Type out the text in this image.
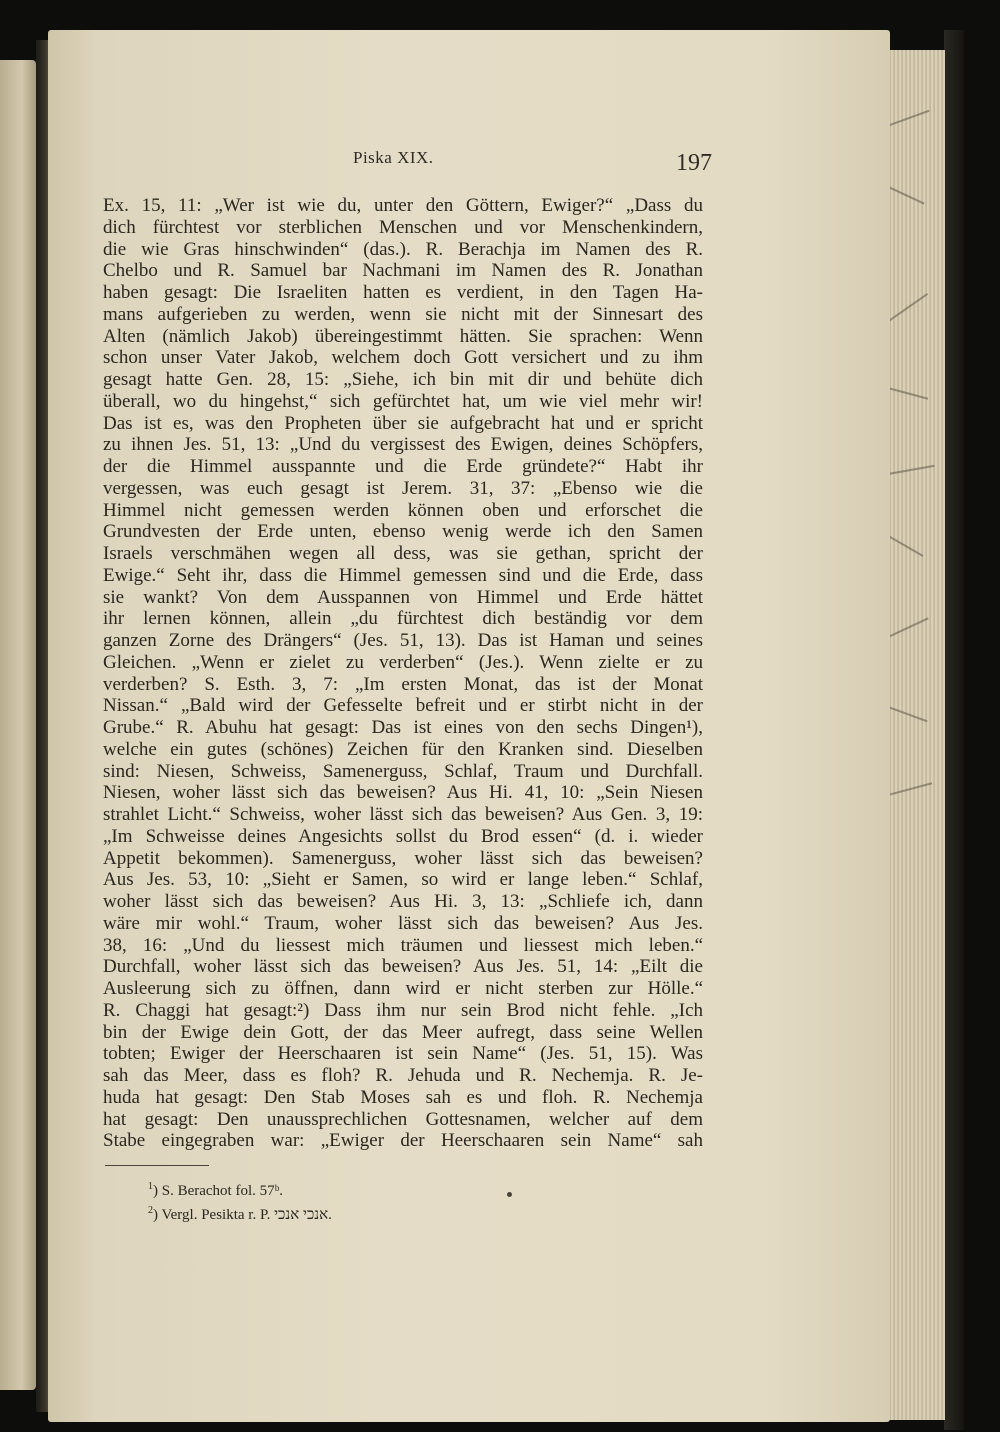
Piska XIX.	197
Ex. 15, 11: „Wer ist wie du, unter den Göttern, Ewiger?“ „Dass du
dich fürchtest vor sterblichen Menschen und vor Menschenkindern,
die wie Gras hinschwinden“ (das.). R. Berachja im Namen des R.
Chelbo und R. Samuel bar Nachmani im Namen des R. Jonathan
haben gesagt: Die Israeliten hatten es verdient, in den Tagen Ha-
mans aufgerieben zu werden, wenn sie nicht mit der Sinnesart des
Alten (nämlich Jakob) übereingestimmt hätten. Sie sprachen: Wenn
schon unser Vater Jakob, welchem doch Gott versichert und zu ihm
gesagt hatte Gen. 28, 15: „Siehe, ich bin mit dir und behüte dich
überall, wo du hingehst,“ sich gefürchtet hat, um wie viel mehr wir!
Das ist es, was den Propheten über sie aufgebracht hat und er spricht
zu ihnen Jes. 51, 13: „Und du vergissest des Ewigen, deines Schöpfers,
der die Himmel ausspannte und die Erde gründete?“ Habt ihr
vergessen, was euch gesagt ist Jerem. 31, 37: „Ebenso wie die
Himmel nicht gemessen werden können oben und erforschet die
Grundvesten der Erde unten, ebenso wenig werde ich den Samen
Israels verschmähen wegen all dess, was sie gethan, spricht der
Ewige.“ Seht ihr, dass die Himmel gemessen sind und die Erde, dass
sie wankt? Von dem Ausspannen von Himmel und Erde hättet
ihr lernen können, allein „du fürchtest dich beständig vor dem
ganzen Zorne des Drängers“ (Jes. 51, 13). Das ist Haman und seines
Gleichen. „Wenn er zielet zu verderben“ (Jes.). Wenn zielte er zu
verderben? S. Esth. 3, 7: „Im ersten Monat, das ist der Monat
Nissan.“ „Bald wird der Gefesselte befreit und er stirbt nicht in der
Grube.“ R. Abuhu hat gesagt: Das ist eines von den sechs Dingen¹),
welche ein gutes (schönes) Zeichen für den Kranken sind. Dieselben
sind: Niesen, Schweiss, Samenerguss, Schlaf, Traum und Durchfall.
Niesen, woher lässt sich das beweisen? Aus Hi. 41, 10: „Sein Niesen
strahlet Licht.“ Schweiss, woher lässt sich das beweisen? Aus Gen. 3, 19:
„Im Schweisse deines Angesichts sollst du Brod essen“ (d. i. wieder
Appetit bekommen). Samenerguss, woher lässt sich das beweisen?
Aus Jes. 53, 10: „Sieht er Samen, so wird er lange leben.“ Schlaf,
woher lässt sich das beweisen? Aus Hi. 3, 13: „Schliefe ich, dann
wäre mir wohl.“ Traum, woher lässt sich das beweisen? Aus Jes.
38, 16: „Und du liessest mich träumen und liessest mich leben.“
Durchfall, woher lässt sich das beweisen? Aus Jes. 51, 14: „Eilt die
Ausleerung sich zu öffnen, dann wird er nicht sterben zur Hölle.“
R. Chaggi hat gesagt:²) Dass ihm nur sein Brod nicht fehle. „Ich
bin der Ewige dein Gott, der das Meer aufregt, dass seine Wellen
tobten; Ewiger der Heerschaaren ist sein Name“ (Jes. 51, 15). Was
sah das Meer, dass es floh? R. Jehuda und R. Nechemja. R. Je-
huda hat gesagt: Den Stab Moses sah es und floh. R. Nechemja
hat gesagt: Den unaussprechlichen Gottesnamen, welcher auf dem
Stabe eingegraben war: „Ewiger der Heerschaaren sein Name“ sah
$^1$) S. Berachot fol. 57ᵇ.
$^2$) Vergl. Pesikta r. P. אנכי אנכי.
